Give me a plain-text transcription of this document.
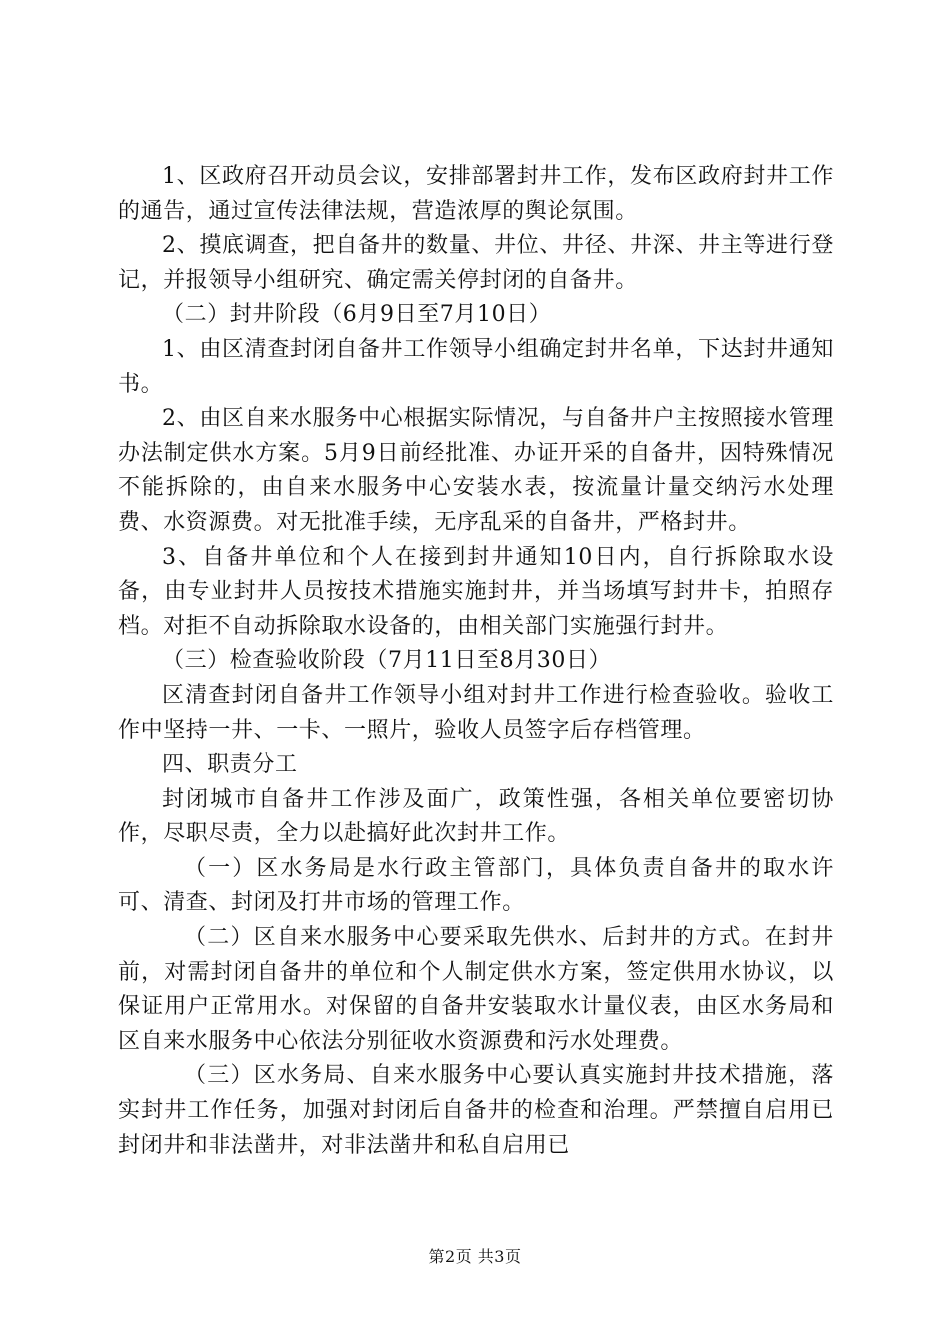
1、区政府召开动员会议，安排部署封井工作，发布区政府封井工作的通告，通过宣传法律法规，营造浓厚的舆论氛围。

2、摸底调查，把自备井的数量、井位、井径、井深、井主等进行登记，并报领导小组研究、确定需关停封闭的自备井。

（二）封井阶段（6月9日至7月10日）

1、由区清查封闭自备井工作领导小组确定封井名单，下达封井通知书。

2、由区自来水服务中心根据实际情况，与自备井户主按照接水管理办法制定供水方案。5月9日前经批准、办证开采的自备井，因特殊情况不能拆除的，由自来水服务中心安装水表，按流量计量交纳污水处理费、水资源费。对无批准手续，无序乱采的自备井，严格封井。

3、自备井单位和个人在接到封井通知10日内，自行拆除取水设备，由专业封井人员按技术措施实施封井，并当场填写封井卡，拍照存档。对拒不自动拆除取水设备的，由相关部门实施强行封井。

（三）检查验收阶段（7月11日至8月30日）

区清查封闭自备井工作领导小组对封井工作进行检查验收。验收工作中坚持一井、一卡、一照片，验收人员签字后存档管理。

四、职责分工

封闭城市自备井工作涉及面广，政策性强，各相关单位要密切协作，尽职尽责，全力以赴搞好此次封井工作。

（一）区水务局是水行政主管部门，具体负责自备井的取水许可、清查、封闭及打井市场的管理工作。

（二）区自来水服务中心要采取先供水、后封井的方式。在封井前，对需封闭自备井的单位和个人制定供水方案，签定供用水协议，以保证用户正常用水。对保留的自备井安装取水计量仪表，由区水务局和区自来水服务中心依法分别征收水资源费和污水处理费。

（三）区水务局、自来水服务中心要认真实施封井技术措施，落实封井工作任务，加强对封闭后自备井的检查和治理。严禁擅自启用已封闭井和非法凿井，对非法凿井和私自启用已

第2页 共3页
